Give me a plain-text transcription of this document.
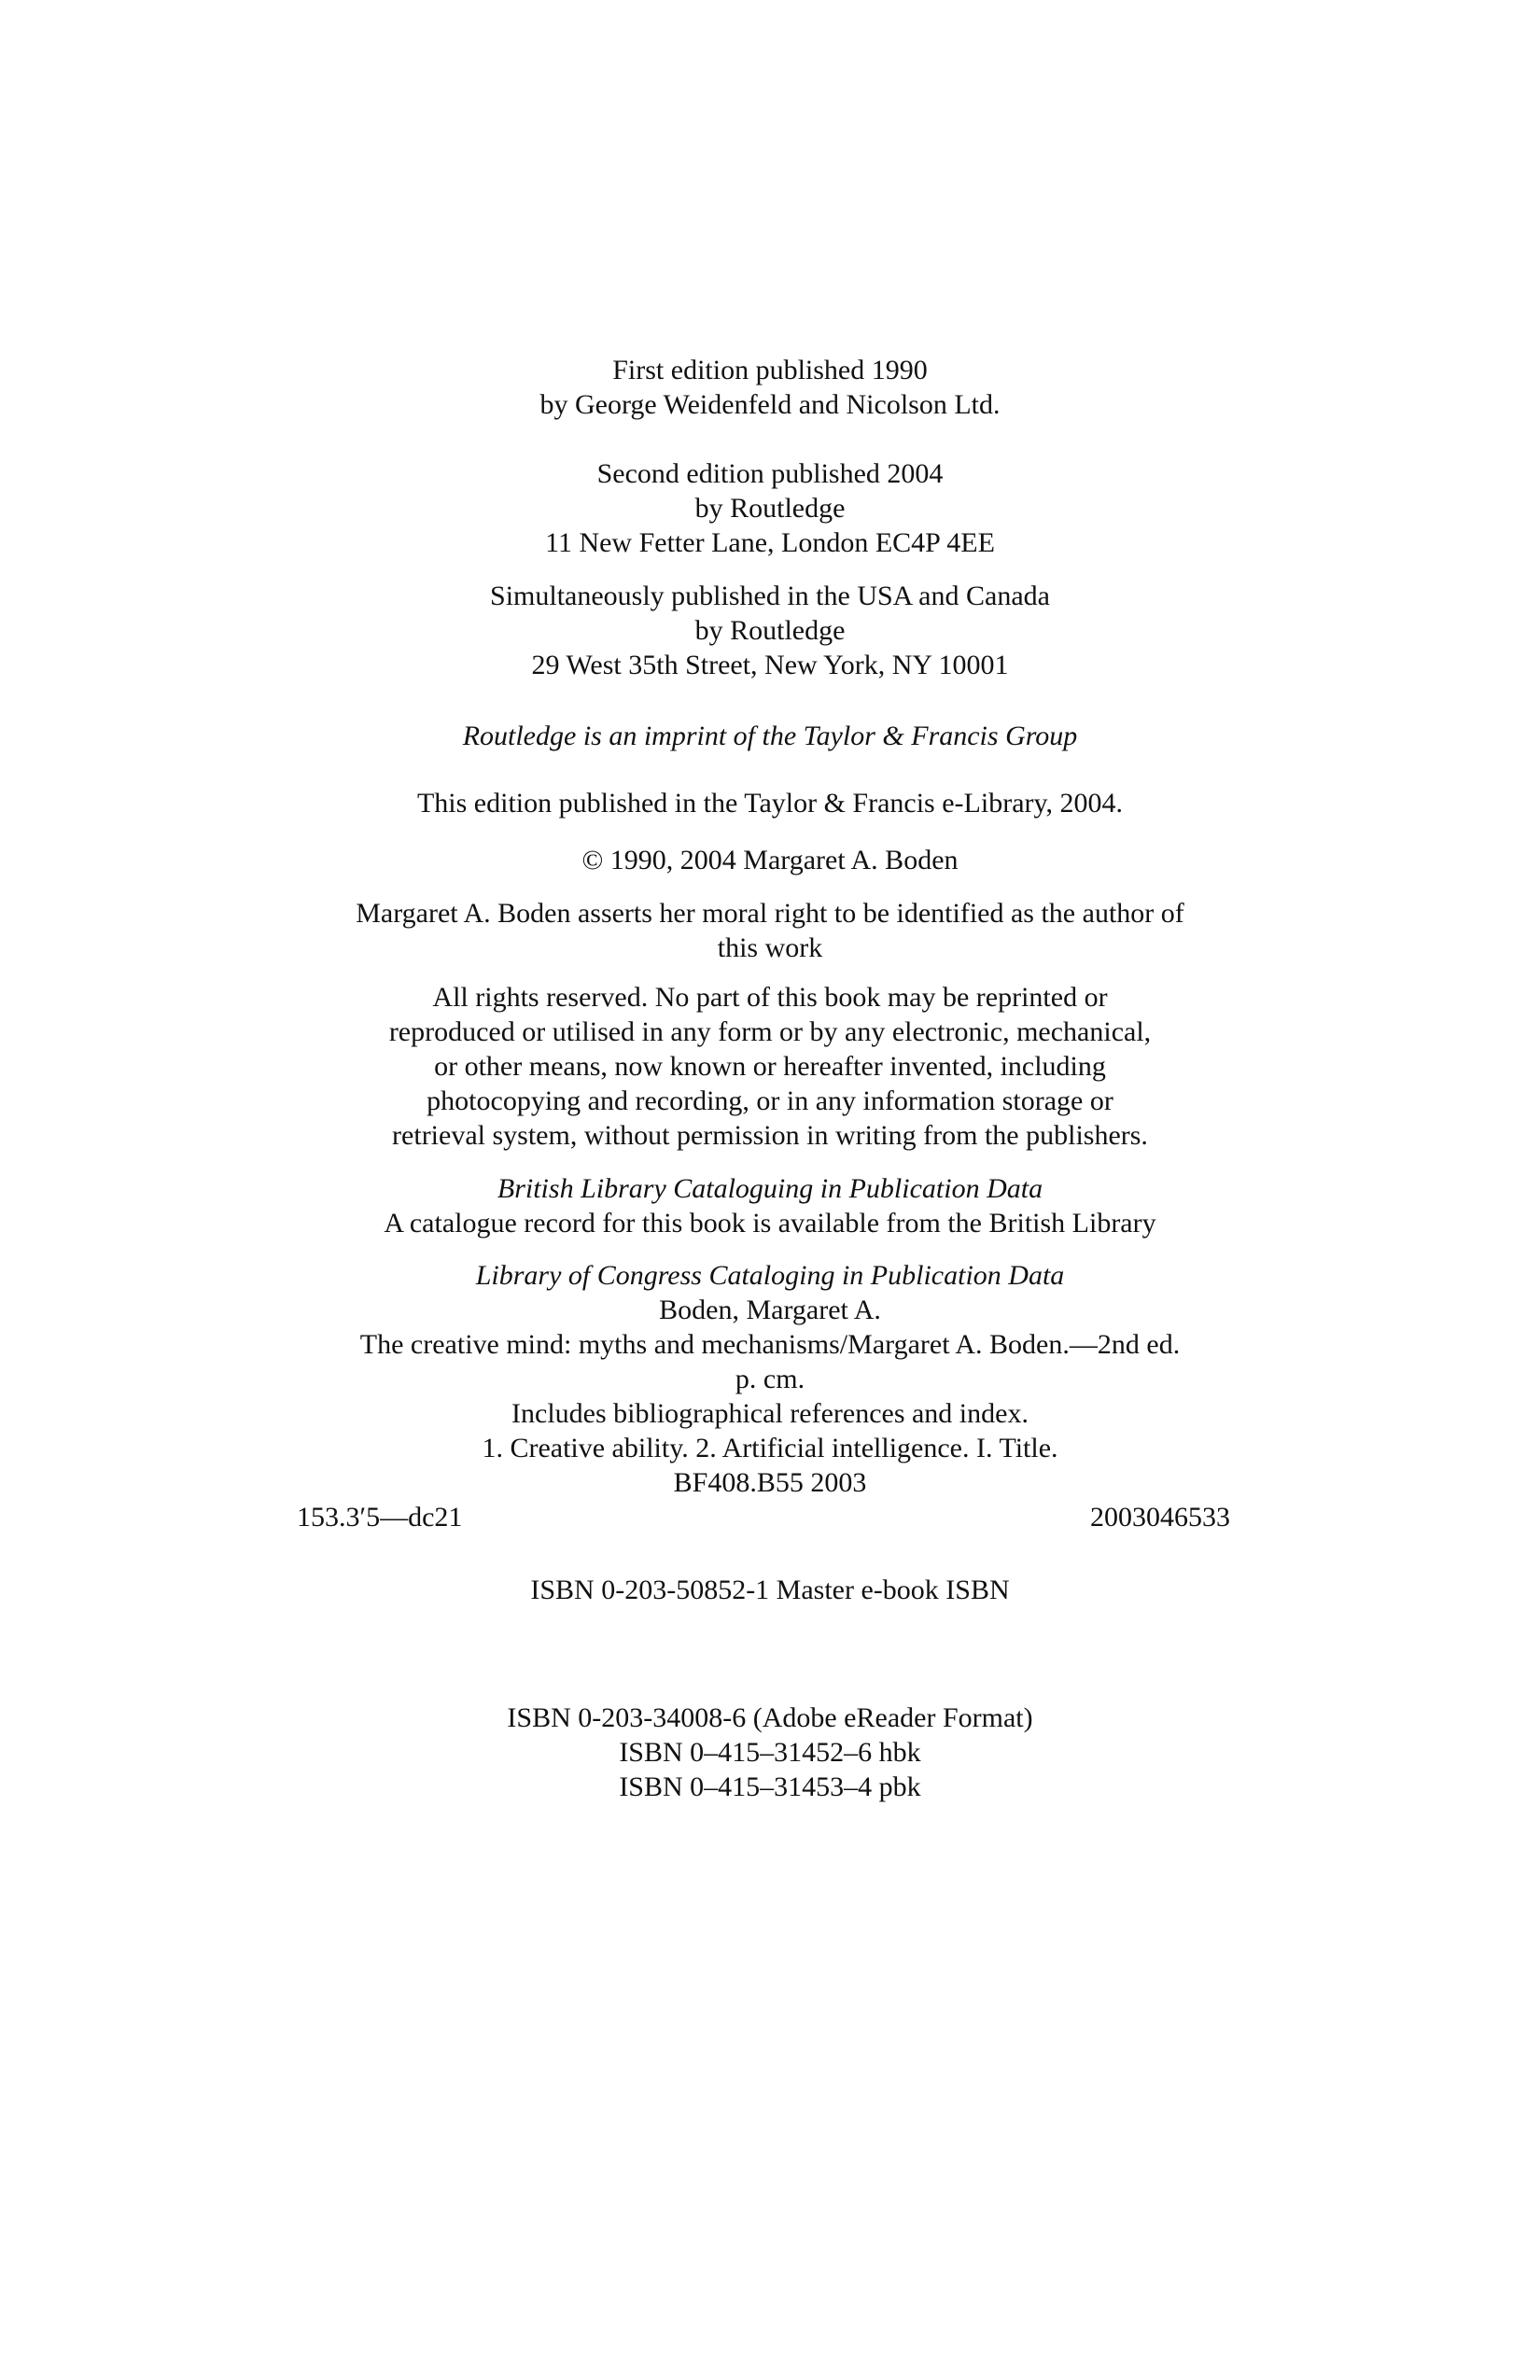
First edition published 1990
by George Weidenfeld and Nicolson Ltd.
Second edition published 2004
by Routledge
11 New Fetter Lane, London EC4P 4EE
Simultaneously published in the USA and Canada
by Routledge
29 West 35th Street, New York, NY 10001
Routledge is an imprint of the Taylor & Francis Group
This edition published in the Taylor & Francis e-Library, 2004.
© 1990, 2004 Margaret A. Boden
Margaret A. Boden asserts her moral right to be identified as the author of
this work
All rights reserved. No part of this book may be reprinted or
reproduced or utilised in any form or by any electronic, mechanical,
or other means, now known or hereafter invented, including
photocopying and recording, or in any information storage or
retrieval system, without permission in writing from the publishers.
British Library Cataloguing in Publication Data
A catalogue record for this book is available from the British Library
Library of Congress Cataloging in Publication Data
Boden, Margaret A.
The creative mind: myths and mechanisms/Margaret A. Boden.—2nd ed.
p. cm.
Includes bibliographical references and index.
1. Creative ability. 2. Artificial intelligence. I. Title.
BF408.B55 2003
153.3′5—dc21	2003046533
ISBN 0-203-50852-1 Master e-book ISBN
ISBN 0-203-34008-6 (Adobe eReader Format)
ISBN 0–415–31452–6 hbk
ISBN 0–415–31453–4 pbk
